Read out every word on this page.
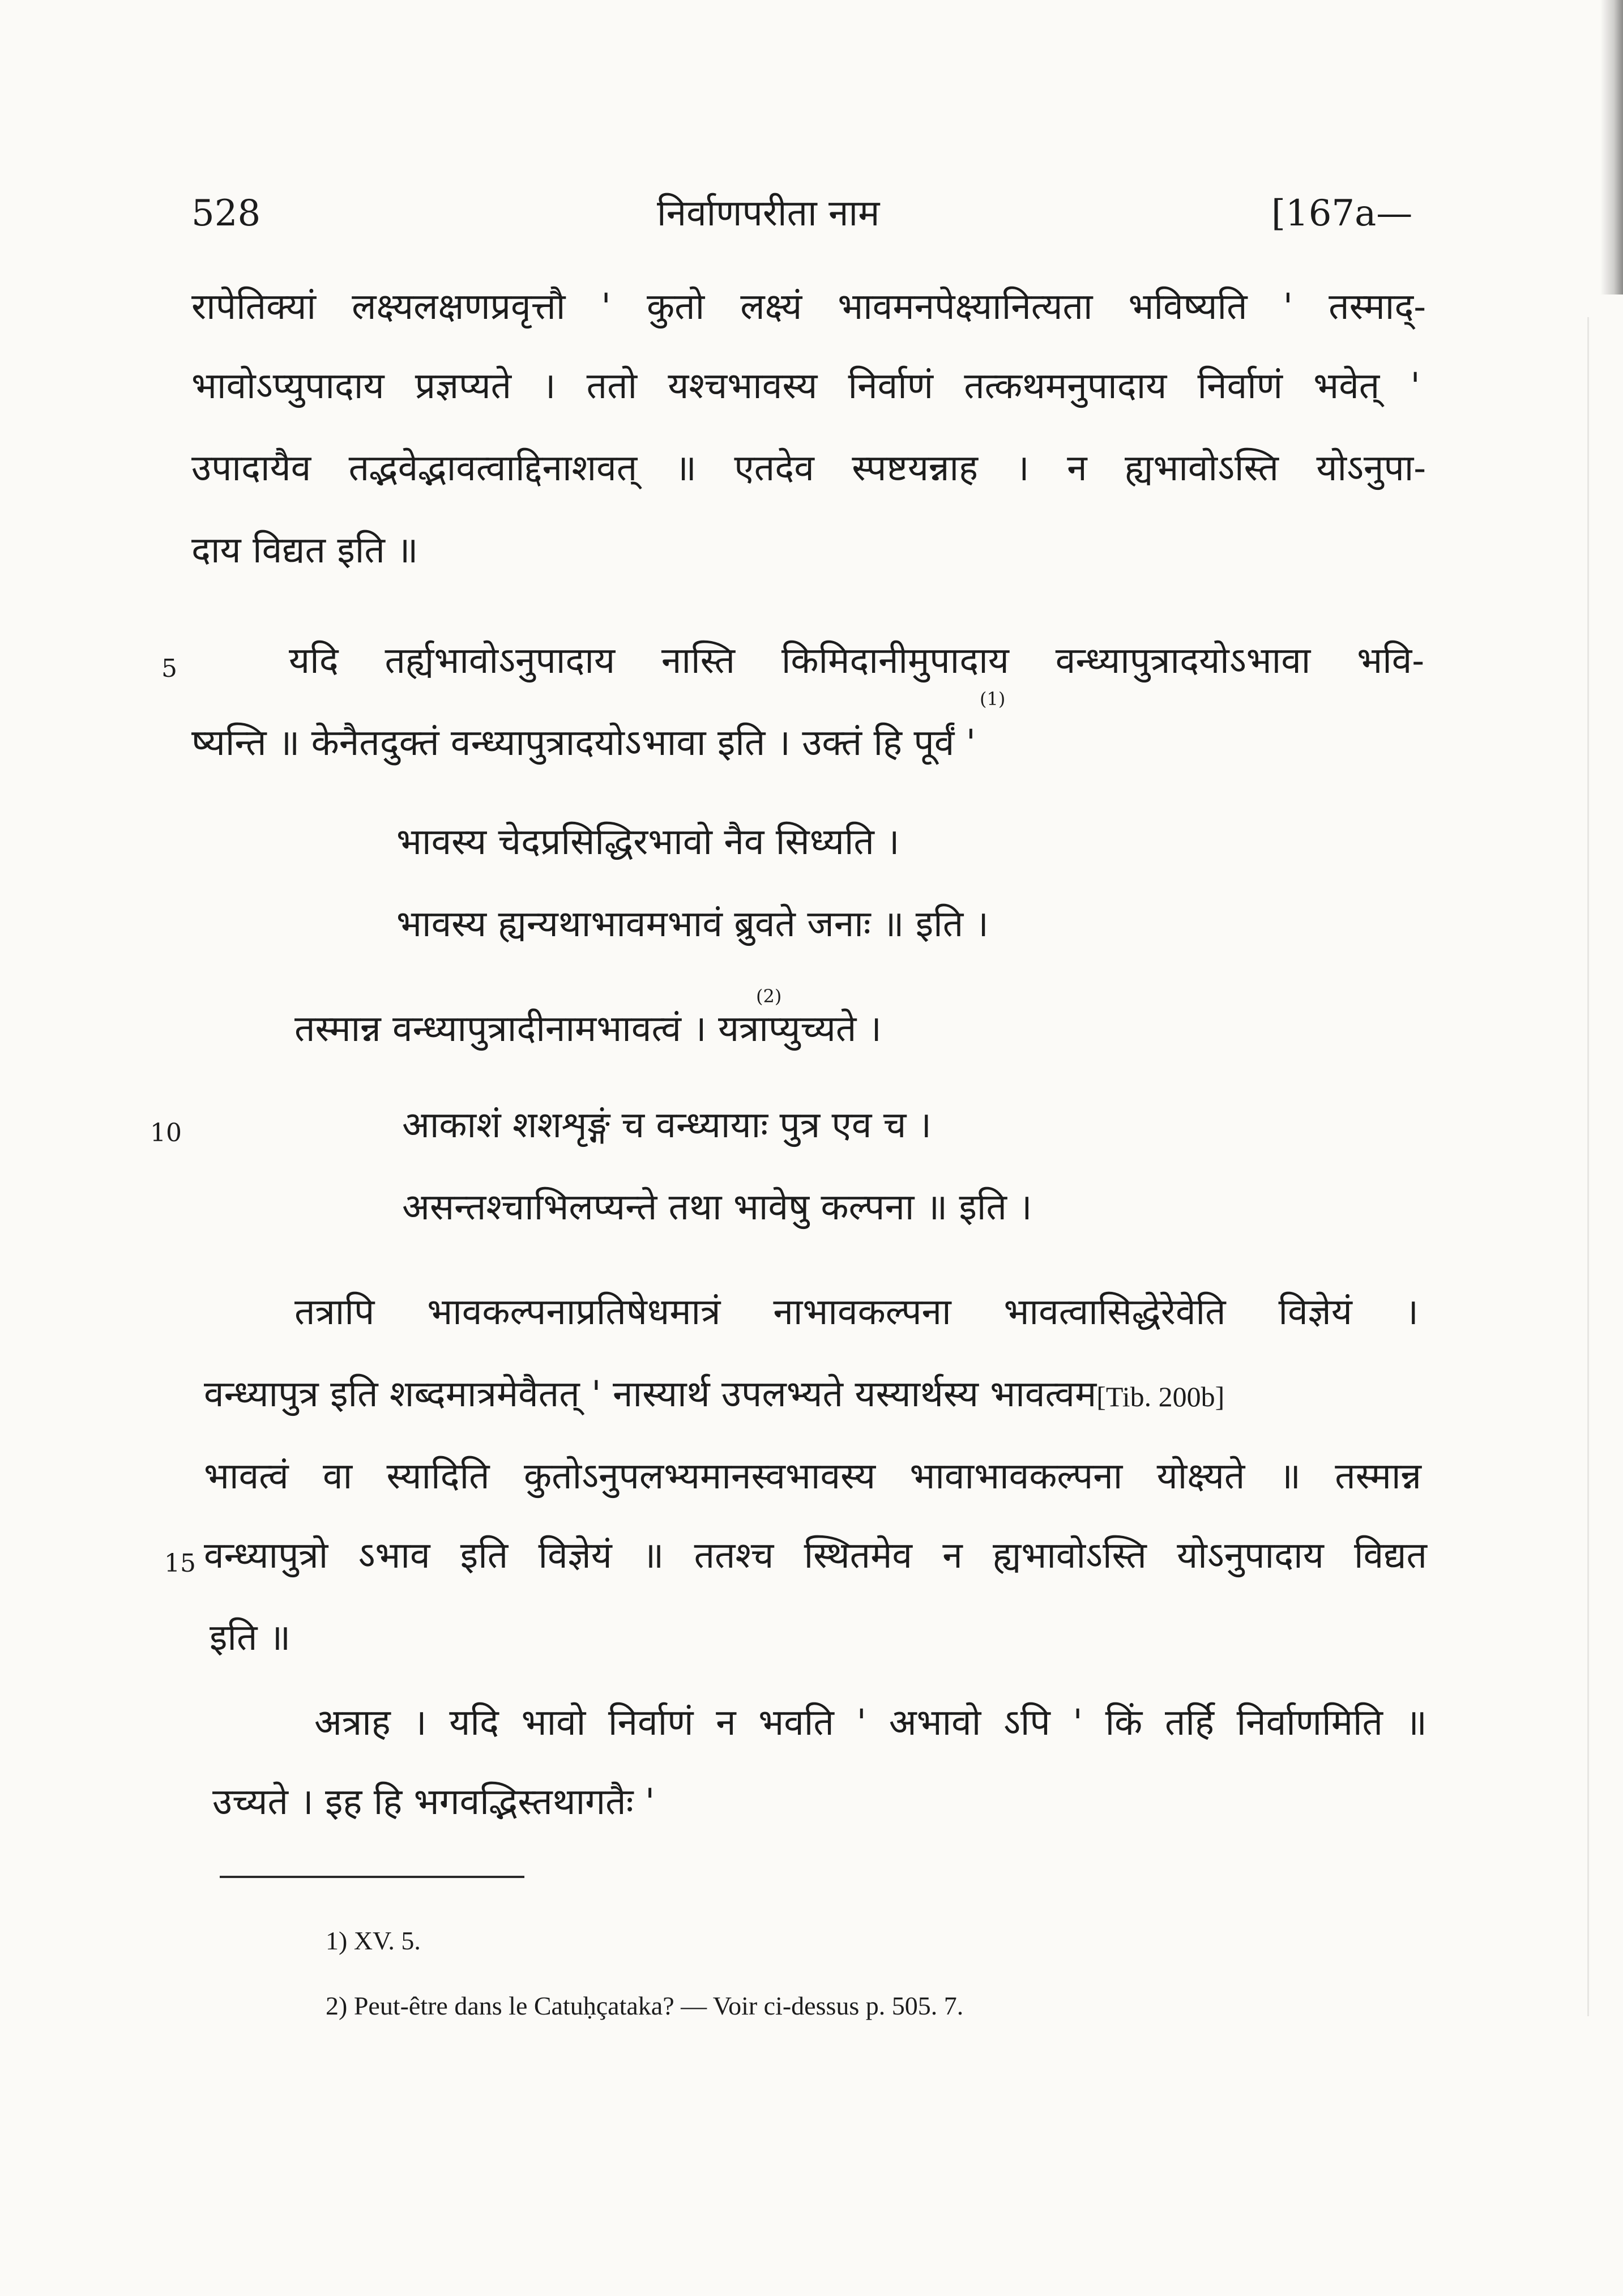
528	निर्वाणपरीता नाम	[167a—
रापेतिक्यां लक्ष्यलक्षणप्रवृत्तौ ' कुतो लक्ष्यं भावमनपेक्ष्यानित्यता भविष्यति ' तस्माद्-
भावोऽप्युपादाय प्रज्ञप्यते । ततो यश्चभावस्य निर्वाणं तत्कथमनुपादाय निर्वाणं भवेत् '
उपादायैव तद्भवेद्भावत्वाद्दिनाशवत् ॥ एतदेव स्पष्टयन्नाह । न ह्यभावोऽस्ति योऽनुपा-
दाय विद्यत इति ॥
5	यदि तर्ह्यभावोऽनुपादाय नास्ति किमिदानीमुपादाय वन्ध्यापुत्रादयोऽभावा भवि-
(1)
ष्यन्ति ॥ केनैतदुक्तं वन्ध्यापुत्रादयोऽभावा इति । उक्तं हि पूर्वं '
भावस्य चेदप्रसिद्धिरभावो नैव सिध्यति ।
भावस्य ह्यन्यथाभावमभावं ब्रुवते जनाः ॥ इति ।
(2)
तस्मान्न वन्ध्यापुत्रादीनामभावत्वं । यत्राप्युच्यते ।
10	आकाशं शशशृङ्गं च वन्ध्यायाः पुत्र एव च ।
असन्तश्चाभिलप्यन्ते तथा भावेषु कल्पना ॥ इति ।
तत्रापि भावकल्पनाप्रतिषेधमात्रं नाभावकल्पना भावत्वासिद्धेरेवेति विज्ञेयं ।
वन्ध्यापुत्र इति शब्दमात्रमेवैतत् ' नास्यार्थ उपलभ्यते यस्यार्थस्य भावत्वम[Tib. 200b]
भावत्वं वा स्यादिति कुतोऽनुपलभ्यमानस्वभावस्य भावाभावकल्पना योक्ष्यते ॥ तस्मान्न
15 वन्ध्यापुत्रो ऽभाव इति विज्ञेयं ॥ ततश्च स्थितमेव न ह्यभावोऽस्ति योऽनुपादाय विद्यत
इति ॥
अत्राह । यदि भावो निर्वाणं न भवति ' अभावो ऽपि ' किं तर्हि निर्वाणमिति ॥
उच्यते । इह हि भगवद्भिस्तथागतैः '
1) XV. 5.
2) Peut-être dans le Catuḥçataka? — Voir ci-dessus p. 505. 7.
